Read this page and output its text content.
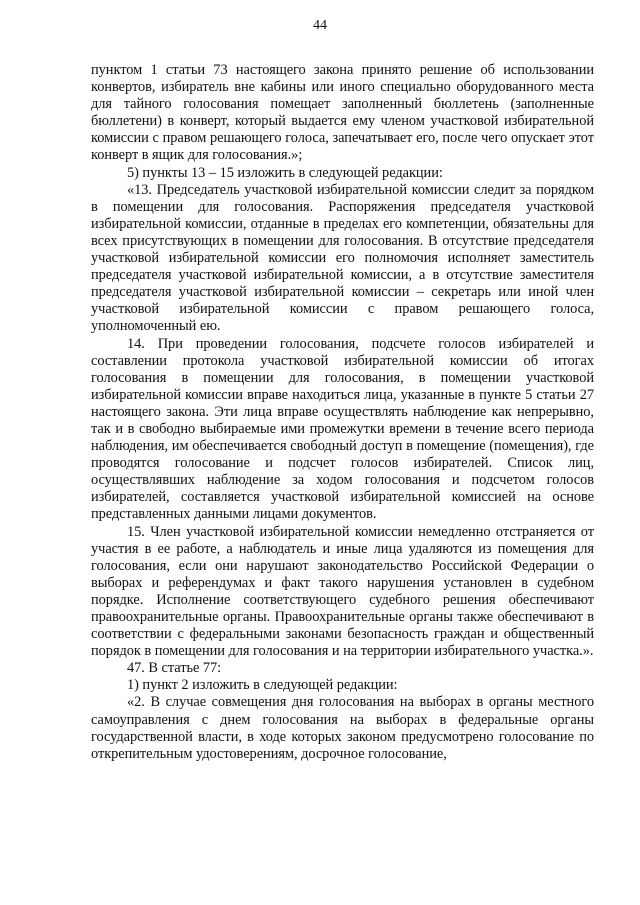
44

пунктом 1 статьи 73 настоящего закона принято решение об использовании конвертов, избиратель вне кабины или иного специально оборудованного места для тайного голосования помещает заполненный бюллетень (заполненные бюллетени) в конверт, который выдается ему членом участковой избирательной комиссии с правом решающего голоса, запечатывает его, после чего опускает этот конверт в ящик для голосования.»;

5) пункты 13 – 15 изложить в следующей редакции:

«13. Председатель участковой избирательной комиссии следит за порядком в помещении для голосования. Распоряжения председателя участковой избирательной комиссии, отданные в пределах его компетенции, обязательны для всех присутствующих в помещении для голосования. В отсутствие председателя участковой избирательной комиссии его полномочия исполняет заместитель председателя участковой избирательной комиссии, а в отсутствие заместителя председателя участковой избирательной комиссии – секретарь или иной член участковой избирательной комиссии с правом решающего голоса, уполномоченный ею.

14. При проведении голосования, подсчете голосов избирателей и составлении протокола участковой избирательной комиссии об итогах голосования в помещении для голосования, в помещении участковой избирательной комиссии вправе находиться лица, указанные в пункте 5 статьи 27 настоящего закона. Эти лица вправе осуществлять наблюдение как непрерывно, так и в свободно выбираемые ими промежутки времени в течение всего периода наблюдения, им обеспечивается свободный доступ в помещение (помещения), где проводятся голосование и подсчет голосов избирателей. Список лиц, осуществлявших наблюдение за ходом голосования и подсчетом голосов избирателей, составляется участковой избирательной комиссией на основе представленных данными лицами документов.

15. Член участковой избирательной комиссии немедленно отстраняется от участия в ее работе, а наблюдатель и иные лица удаляются из помещения для голосования, если они нарушают законодательство Российской Федерации о выборах и референдумах и факт такого нарушения установлен в судебном порядке. Исполнение соответствующего судебного решения обеспечивают правоохранительные органы. Правоохранительные органы также обеспечивают в соответствии с федеральными законами безопасность граждан и общественный порядок в помещении для голосования и на территории избирательного участка.».

47. В статье 77:

1) пункт 2 изложить в следующей редакции:

«2. В случае совмещения дня голосования на выборах в органы местного самоуправления с днем голосования на выборах в федеральные органы государственной власти, в ходе которых законом предусмотрено голосование по открепительным удостоверениям, досрочное голосование,
